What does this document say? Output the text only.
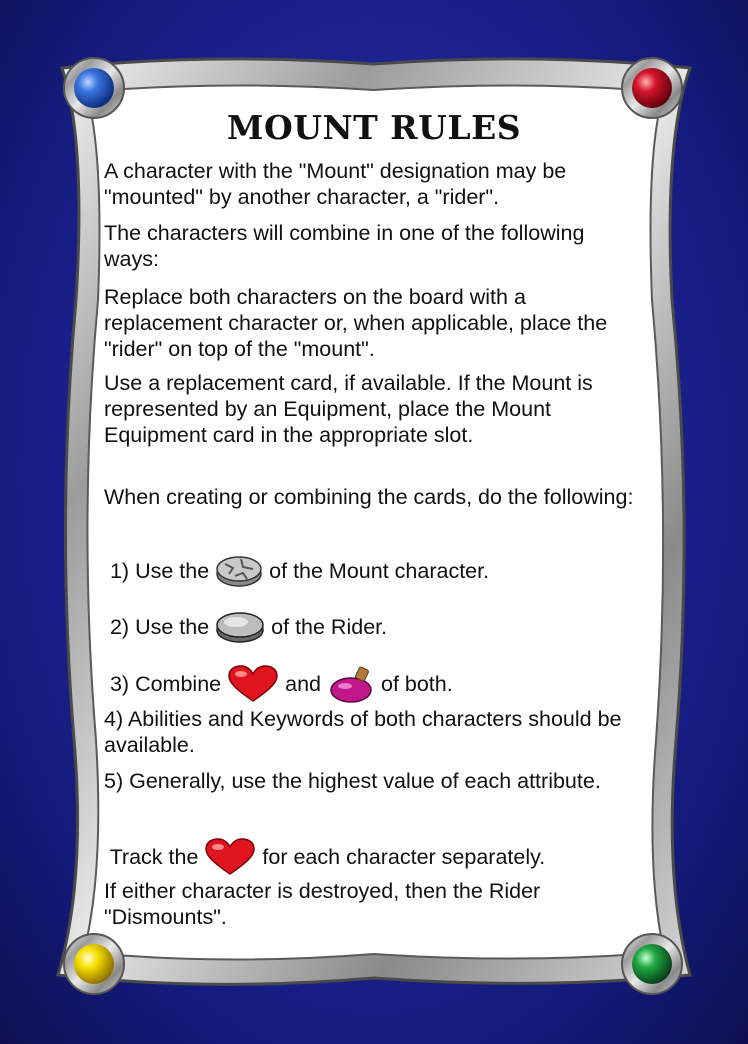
MOUNT RULES

A character with the "Mount" designation may be "mounted" by another character, a "rider".

The characters will combine in one of the following ways:

Replace both characters on the board with a replacement character or, when applicable, place the "rider" on top of the "mount".

Use a replacement card, if available. If the Mount is represented by an Equipment, place the Mount Equipment card in the appropriate slot.

When creating or combining the cards, do the following:

1) Use the	of the Mount character.
2) Use the	of the Rider.
3) Combine	and	of both.

4) Abilities and Keywords of both characters should be available.

5) Generally, use the highest value of each attribute.

Track the	for each character separately.

If either character is destroyed, then the Rider "Dismounts".
